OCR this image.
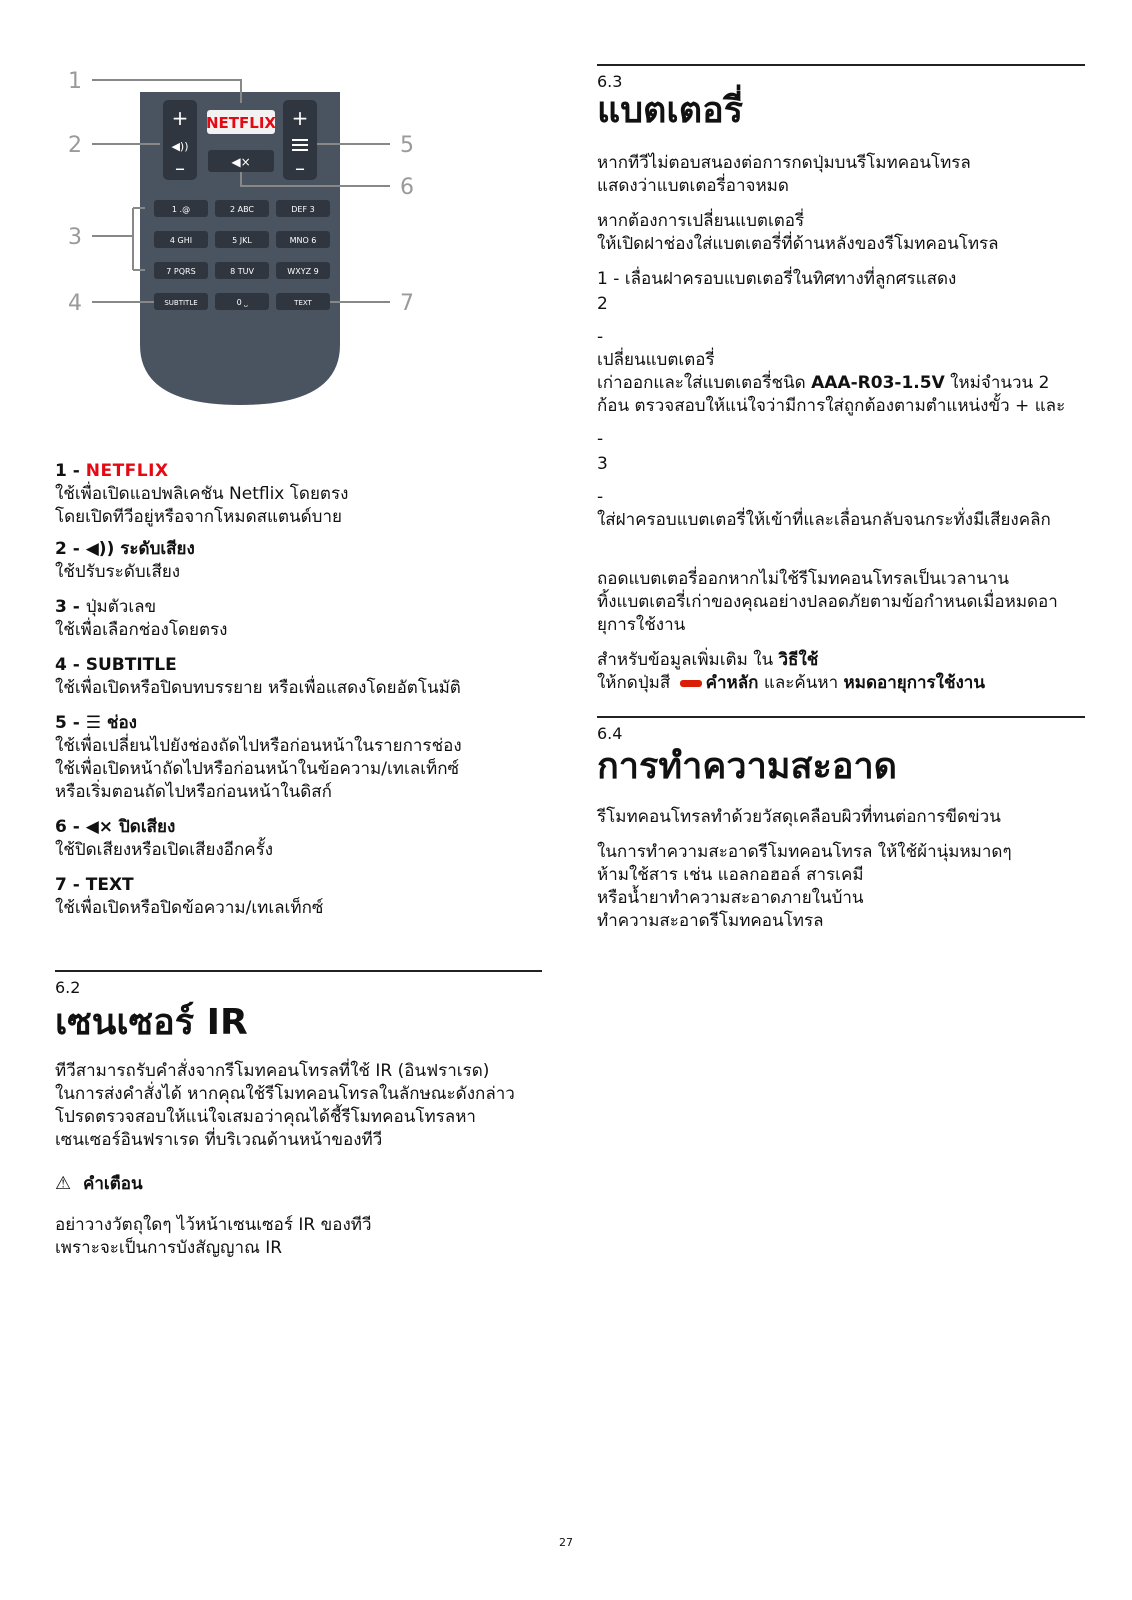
1
2
3
4
5
6
7
+
◀))
–
+
–
NETFLIX
◀×
1 .@	2 ABC	DEF 3
4 GHI	5 JKL	MNO 6
7 PQRS	8 TUV	WXYZ 9
SUBTITLE	0 ⎵	TEXT

1 - NETFLIX

ใช้เพื่อเปิดแอปพลิเคชัน Netflix โดยตรง

โดยเปิดทีวีอยู่หรือจากโหมดสแตนด์บาย

2 - ◀)) ระดับเสียง

ใช้ปรับระดับเสียง

3 - ปุ่มตัวเลข

ใช้เพื่อเลือกช่องโดยตรง

4 - SUBTITLE

ใช้เพื่อเปิดหรือปิดบทบรรยาย หรือเพื่อแสดงโดยอัตโนมัติ

5 - ☰ ช่อง

ใช้เพื่อเปลี่ยนไปยังช่องถัดไปหรือก่อนหน้าในรายการช่อง

ใช้เพื่อเปิดหน้าถัดไปหรือก่อนหน้าในข้อความ/เทเลเท็กซ์

หรือเริ่มตอนถัดไปหรือก่อนหน้าในดิสก์

6 - ◀× ปิดเสียง

ใช้ปิดเสียงหรือเปิดเสียงอีกครั้ง

7 - TEXT

ใช้เพื่อเปิดหรือปิดข้อความ/เทเลเท็กซ์

6.2
เซนเซอร์ IR

ทีวีสามารถรับคำสั่งจากรีโมทคอนโทรลที่ใช้ IR (อินฟราเรด)

ในการส่งคำสั่งได้ หากคุณใช้รีโมทคอนโทรลในลักษณะดังกล่าว

โปรดตรวจสอบให้แน่ใจเสมอว่าคุณได้ชี้รีโมทคอนโทรลหา

เซนเซอร์อินฟราเรด ที่บริเวณด้านหน้าของทีวี

⚠ คำเตือน

อย่าวางวัตถุใดๆ ไว้หน้าเซนเซอร์ IR ของทีวี

เพราะจะเป็นการบังสัญญาณ IR

6.3
แบตเตอรี่

หากทีวีไม่ตอบสนองต่อการกดปุ่มบนรีโมทคอนโทรล

แสดงว่าแบตเตอรี่อาจหมด

หากต้องการเปลี่ยนแบตเตอรี่

ให้เปิดฝาช่องใส่แบตเตอรี่ที่ด้านหลังของรีโมทคอนโทรล

1 - เลื่อนฝาครอบแบตเตอรี่ในทิศทางที่ลูกศรแสดง

2

-

เปลี่ยนแบตเตอรี่

เก่าออกและใส่แบตเตอรี่ชนิด AAA-R03-1.5V ใหม่จำนวน 2

ก้อน ตรวจสอบให้แน่ใจว่ามีการใส่ถูกต้องตามตำแหน่งขั้ว + และ

-

3

-

ใส่ฝาครอบแบตเตอรี่ให้เข้าที่และเลื่อนกลับจนกระทั่งมีเสียงคลิก

ถอดแบตเตอรี่ออกหากไม่ใช้รีโมทคอนโทรลเป็นเวลานาน

ทิ้งแบตเตอรี่เก่าของคุณอย่างปลอดภัยตามข้อกำหนดเมื่อหมดอา

ยุการใช้งาน

สำหรับข้อมูลเพิ่มเติม ใน วิธีใช้

ให้กดปุ่มสี คำหลัก และค้นหา หมดอายุการใช้งาน

6.4
การทำความสะอาด

รีโมทคอนโทรลทำด้วยวัสดุเคลือบผิวที่ทนต่อการขีดข่วน

ในการทำความสะอาดรีโมทคอนโทรล ให้ใช้ผ้านุ่มหมาดๆ

ห้ามใช้สาร เช่น แอลกอฮอล์ สารเคมี

หรือน้ำยาทำความสะอาดภายในบ้าน

ทำความสะอาดรีโมทคอนโทรล

27
